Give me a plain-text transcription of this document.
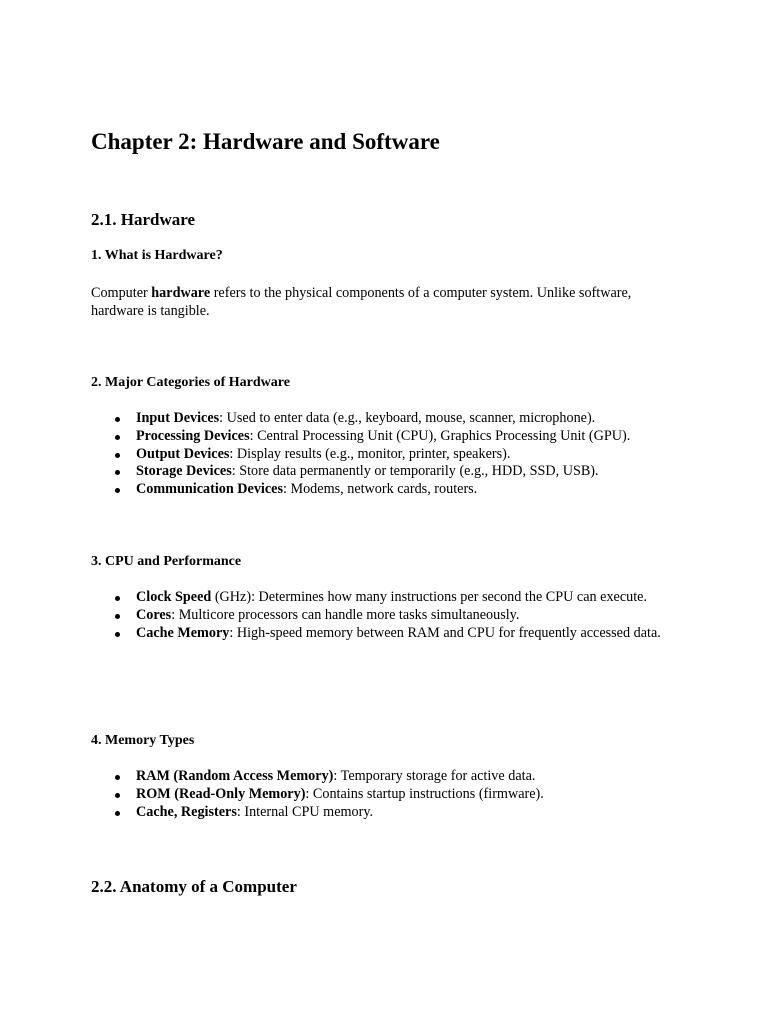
Chapter 2: Hardware and Software
2.1. Hardware
1. What is Hardware?

Computer hardware refers to the physical components of a computer system. Unlike software, hardware is tangible.

2. Major Categories of Hardware
Input Devices: Used to enter data (e.g., keyboard, mouse, scanner, microphone).
Processing Devices: Central Processing Unit (CPU), Graphics Processing Unit (GPU).
Output Devices: Display results (e.g., monitor, printer, speakers).
Storage Devices: Store data permanently or temporarily (e.g., HDD, SSD, USB).
Communication Devices: Modems, network cards, routers.
3. CPU and Performance
Clock Speed (GHz): Determines how many instructions per second the CPU can execute.
Cores: Multicore processors can handle more tasks simultaneously.
Cache Memory: High-speed memory between RAM and CPU for frequently accessed data.
4. Memory Types
RAM (Random Access Memory): Temporary storage for active data.
ROM (Read-Only Memory): Contains startup instructions (firmware).
Cache, Registers: Internal CPU memory.
2.2. Anatomy of a Computer
